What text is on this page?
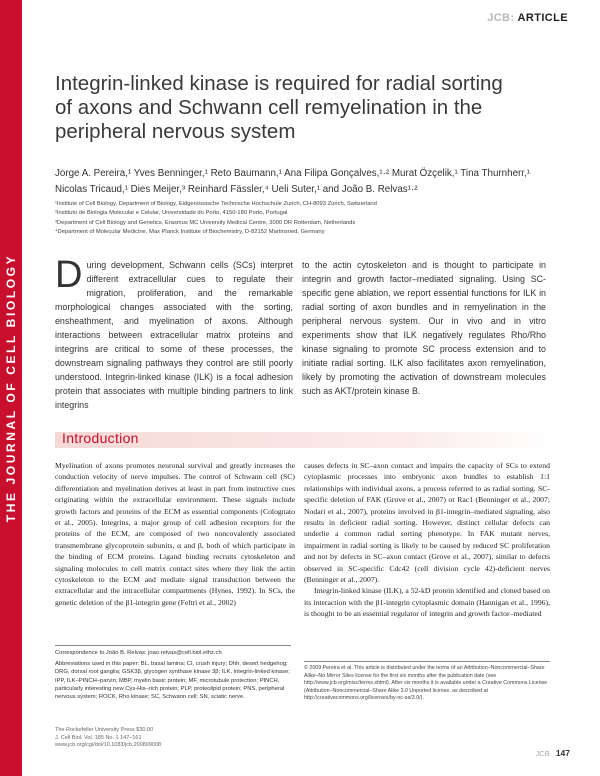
THE JOURNAL OF CELL BIOLOGY
JCB: ARTICLE
Integrin-linked kinase is required for radial sorting of axons and Schwann cell remyelination in the peripheral nervous system
Jorge A. Pereira,¹ Yves Benninger,¹ Reto Baumann,¹ Ana Filipa Gonçalves,¹·² Murat Özçelik,¹ Tina Thurnherr,¹
Nicolas Tricaud,¹ Dies Meijer,³ Reinhard Fässler,⁴ Ueli Suter,¹ and João B. Relvas¹·²
¹Institute of Cell Biology, Department of Biology, Eidgenössische Technische Hochschule Zurich, CH-8093 Zurich, Switzerland
²Instituto de Biologia Molecular e Celular, Universidade do Porto, 4150-180 Porto, Portugal
³Department of Cell Biology and Genetics, Erasmus MC University Medical Centre, 3000 DR Rotterdam, Netherlands
⁴Department of Molecular Medicine, Max Planck Institute of Biochemistry, D-82152 Martinsried, Germany
During development, Schwann cells (SCs) interpret different extracellular cues to regulate their migration, proliferation, and the remarkable morphological changes associated with the sorting, ensheathment, and myelination of axons. Although interactions between extracellular matrix proteins and integrins are critical to some of these processes, the downstream signaling pathways they control are still poorly understood. Integrin-linked kinase (ILK) is a focal adhesion protein that associates with multiple binding partners to link integrins
to the actin cytoskeleton and is thought to participate in integrin and growth factor–mediated signaling. Using SC-specific gene ablation, we report essential functions for ILK in radial sorting of axon bundles and in remyelination in the peripheral nervous system. Our in vivo and in vitro experiments show that ILK negatively regulates Rho/Rho kinase signaling to promote SC process extension and to initiate radial sorting. ILK also facilitates axon remyelination, likely by promoting the activation of downstream molecules such as AKT/protein kinase B.
Introduction

Myelination of axons promotes neuronal survival and greatly increases the conduction velocity of nerve impulses. The control of Schwann cell (SC) differentiation and myelination derives at least in part from instructive cues originating within the extracellular environment. These signals include growth factors and proteins of the ECM as essential components (Colognato et al., 2005). Integrins, a major group of cell adhesion receptors for the proteins of the ECM, are composed of two noncovalently associated transmembrane glycoprotein subunits, α and β, both of which participate in the binding of ECM proteins. Ligand binding recruits cytoskeleton and signaling molecules to cell matrix contact sites where they link the actin cytoskeleton to the ECM and mediate signal transduction between the extracellular and the intracellular compartments (Hynes, 1992). In SCs, the genetic deletion of the β1-integrin gene (Feltri et al., 2002)

causes defects in SC–axon contact and impairs the capacity of SCs to extend cytoplasmic processes into embryonic axon bundles to establish 1:1 relationships with individual axons, a process referred to as radial sorting. SC-specific deletion of FAK (Grove et al., 2007) or Rac1 (Benninger et al., 2007; Nodari et al., 2007), proteins involved in β1-integrin–mediated signaling, also results in deficient radial sorting. However, distinct cellular defects can underlie a common radial sorting phenotype. In FAK mutant nerves, impairment in radial sorting is likely to be caused by reduced SC proliferation and not by defects in SC–axon contact (Grove et al., 2007), similar to defects observed in SC-specific Cdc42 (cell division cycle 42)-deficient nerves (Benninger et al., 2007).

Integrin-linked kinase (ILK), a 52-kD protein identified and cloned based on its interaction with the β1-integrin cytoplasmic domain (Hannigan et al., 1996), is thought to be an essential regulator of integrin and growth factor–mediated

Correspondence to João B. Relvas: joao.relvas@cell.biol.ethz.ch
Abbreviations used in this paper: BL, basal lamina; CI, crush injury; Dhh, desert hedgehog; DRG, dorsal root ganglia; GSK3β, glycogen synthase kinase 3β; ILK, integrin-linked kinase; IPP, ILK–PINCH–parvin; MBP, myelin basic protein; MF, microtubule protection; PINCH, particularly interesting new Cys-His–rich protein; PLP, proteolipid protein; PNS, peripheral nervous system; ROCK, Rho kinase; SC, Schwann cell; SN, sciatic nerve.
© 2009 Pereira et al. This article is distributed under the terms of an Attribution–Noncommercial–Share Alike–No Mirror Sites license for the first six months after the publication date (see http://www.jcb.org/misc/terms.shtml). After six months it is available under a Creative Commons License (Attribution–Noncommercial–Share Alike 3.0 Unported license, as described at http://creativecommons.org/licenses/by-nc-sa/3.0/).
The Rockefeller University Press $30.00
J. Cell Biol. Vol. 185 No. 1 147–161
www.jcb.org/cgi/doi/10.1083/jcb.200809008
JCB 147
